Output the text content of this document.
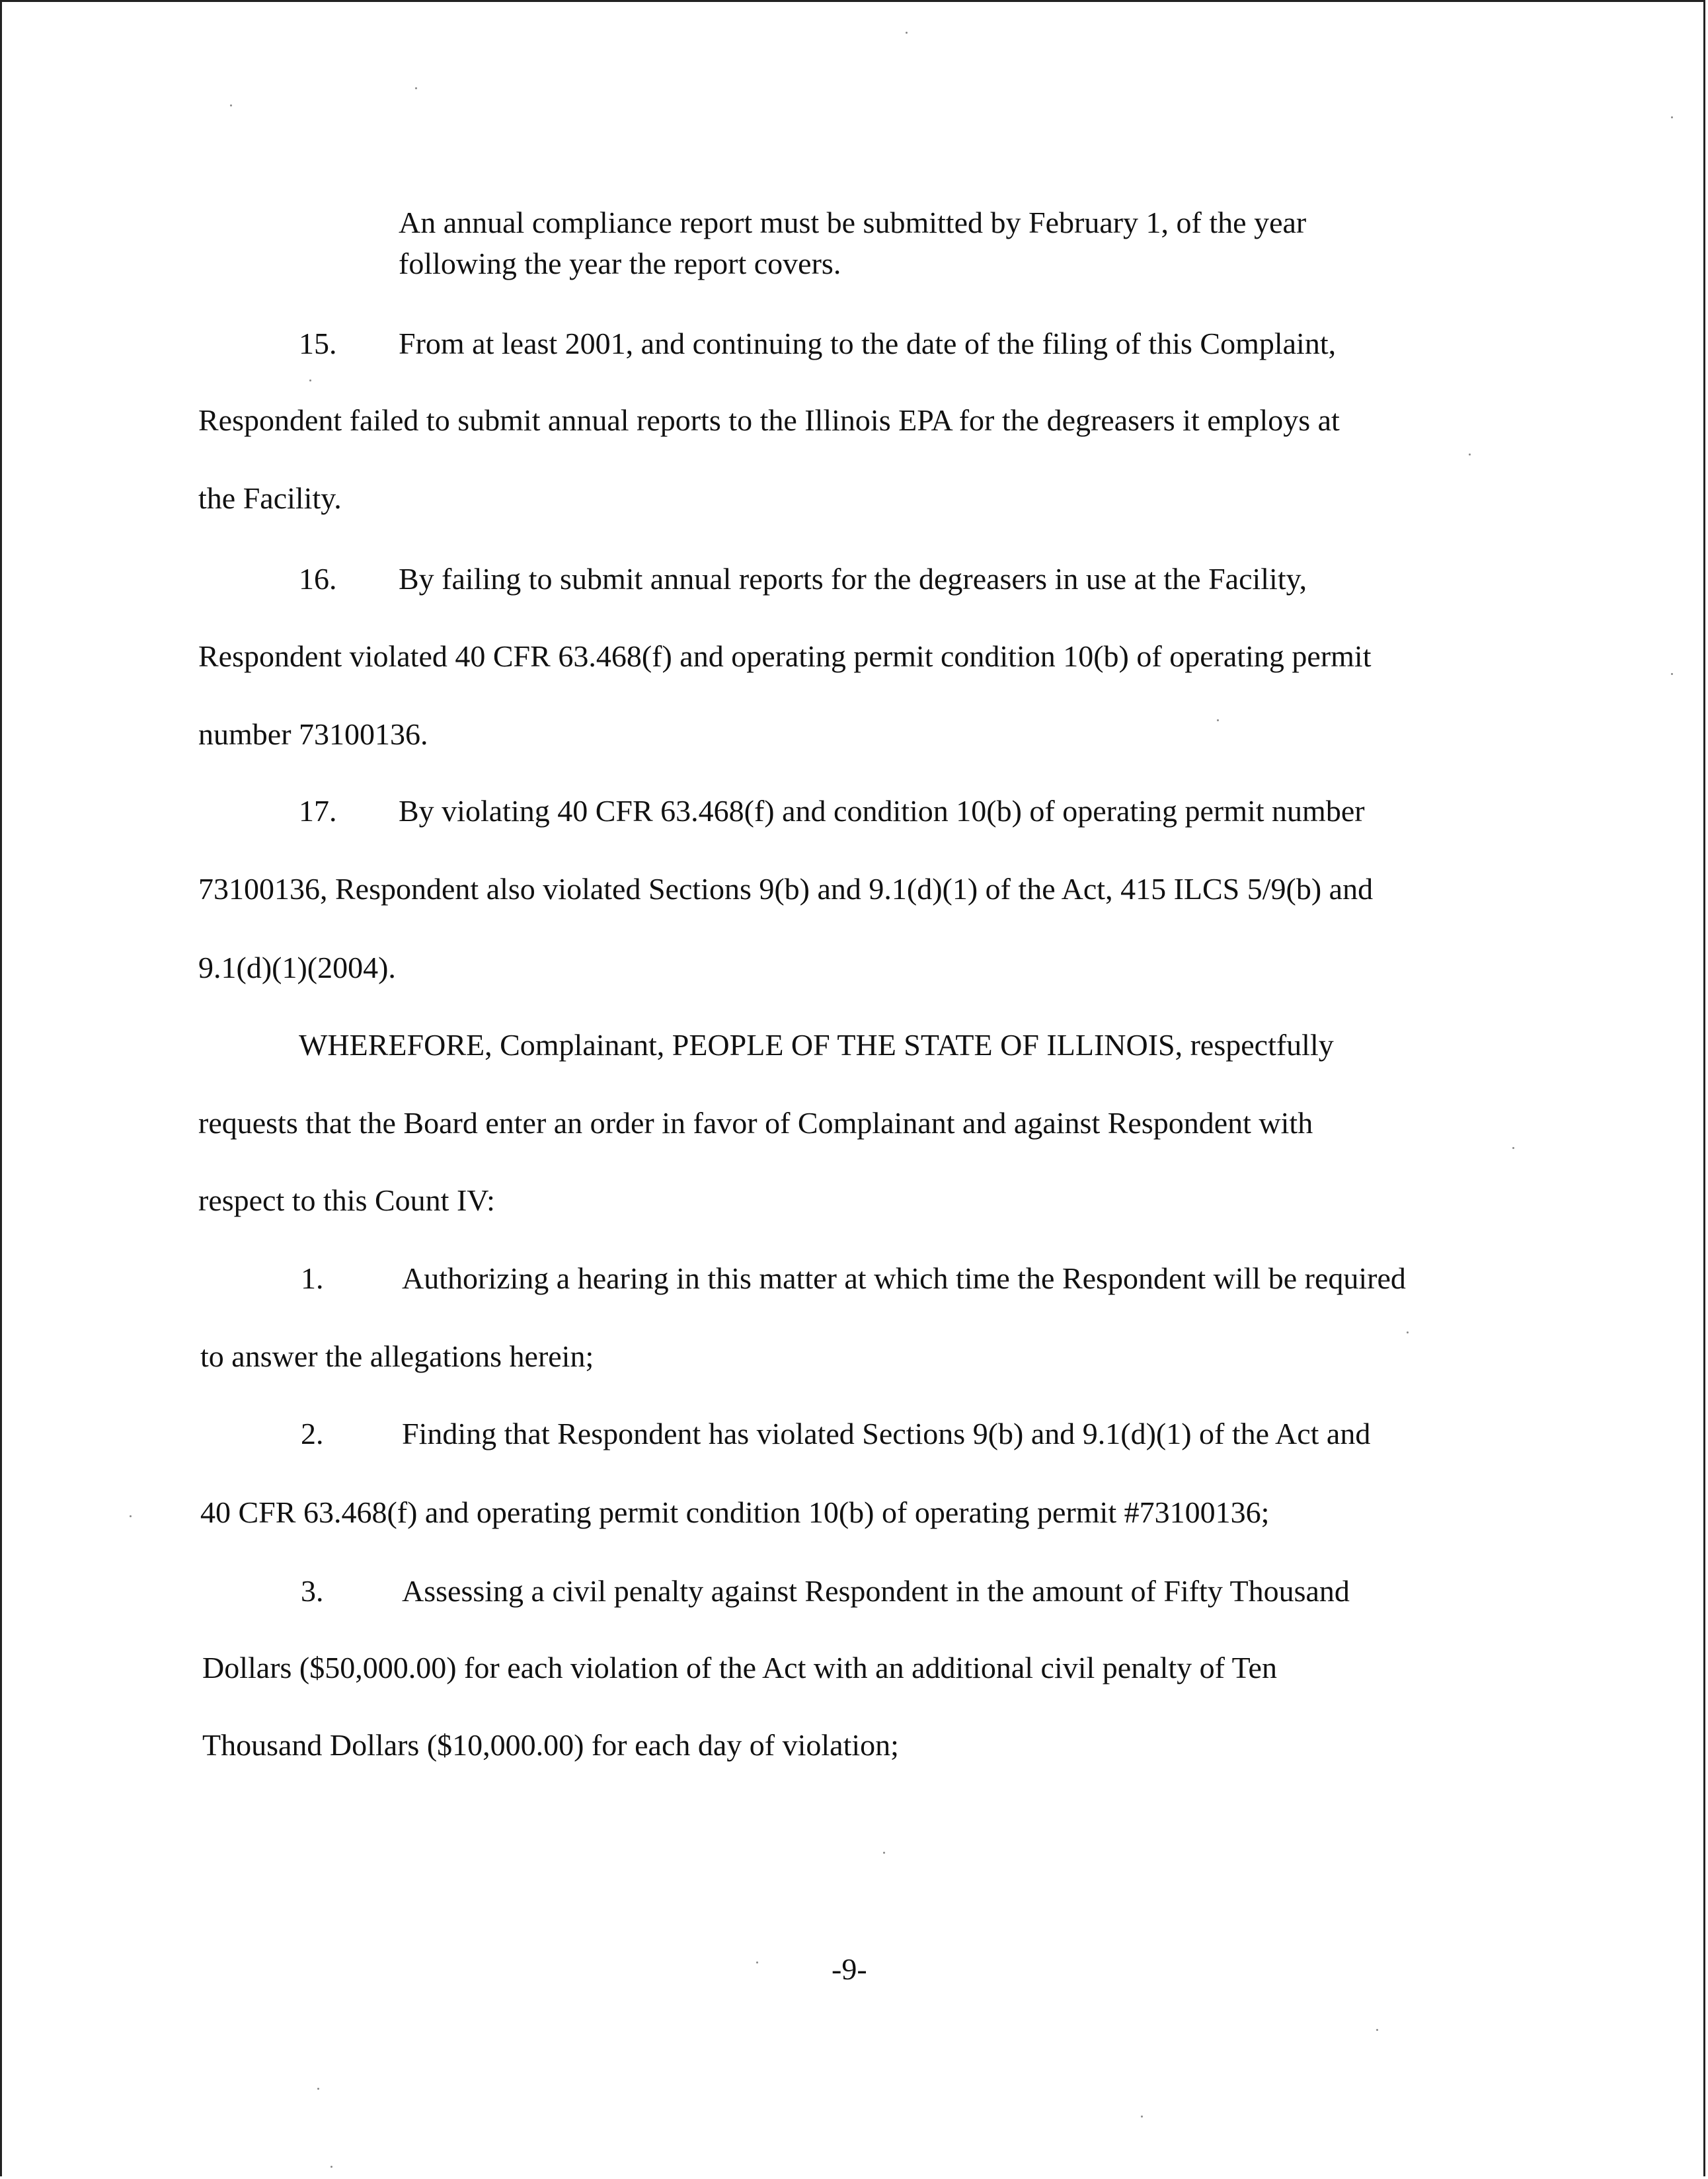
An annual compliance report must be submitted by February 1, of the year
following the year the report covers.
15. From at least 2001, and continuing to the date of the filing of this Complaint,
Respondent failed to submit annual reports to the Illinois EPA for the degreasers it employs at
the Facility.
16. By failing to submit annual reports for the degreasers in use at the Facility,
Respondent violated 40 CFR 63.468(f) and operating permit condition 10(b) of operating permit
number 73100136.
17. By violating 40 CFR 63.468(f) and condition 10(b) of operating permit number
73100136, Respondent also violated Sections 9(b) and 9.1(d)(1) of the Act, 415 ILCS 5/9(b) and
9.1(d)(1)(2004).
WHEREFORE, Complainant, PEOPLE OF THE STATE OF ILLINOIS, respectfully
requests that the Board enter an order in favor of Complainant and against Respondent with
respect to this Count IV:
1.	Authorizing a hearing in this matter at which time the Respondent will be required
to answer the allegations herein;
2.	Finding that Respondent has violated Sections 9(b) and 9.1(d)(1) of the Act and
40 CFR 63.468(f) and operating permit condition 10(b) of operating permit #73100136;
3.	Assessing a civil penalty against Respondent in the amount of Fifty Thousand
Dollars ($50,000.00) for each violation of the Act with an additional civil penalty of Ten
Thousand Dollars ($10,000.00) for each day of violation;
-9-
